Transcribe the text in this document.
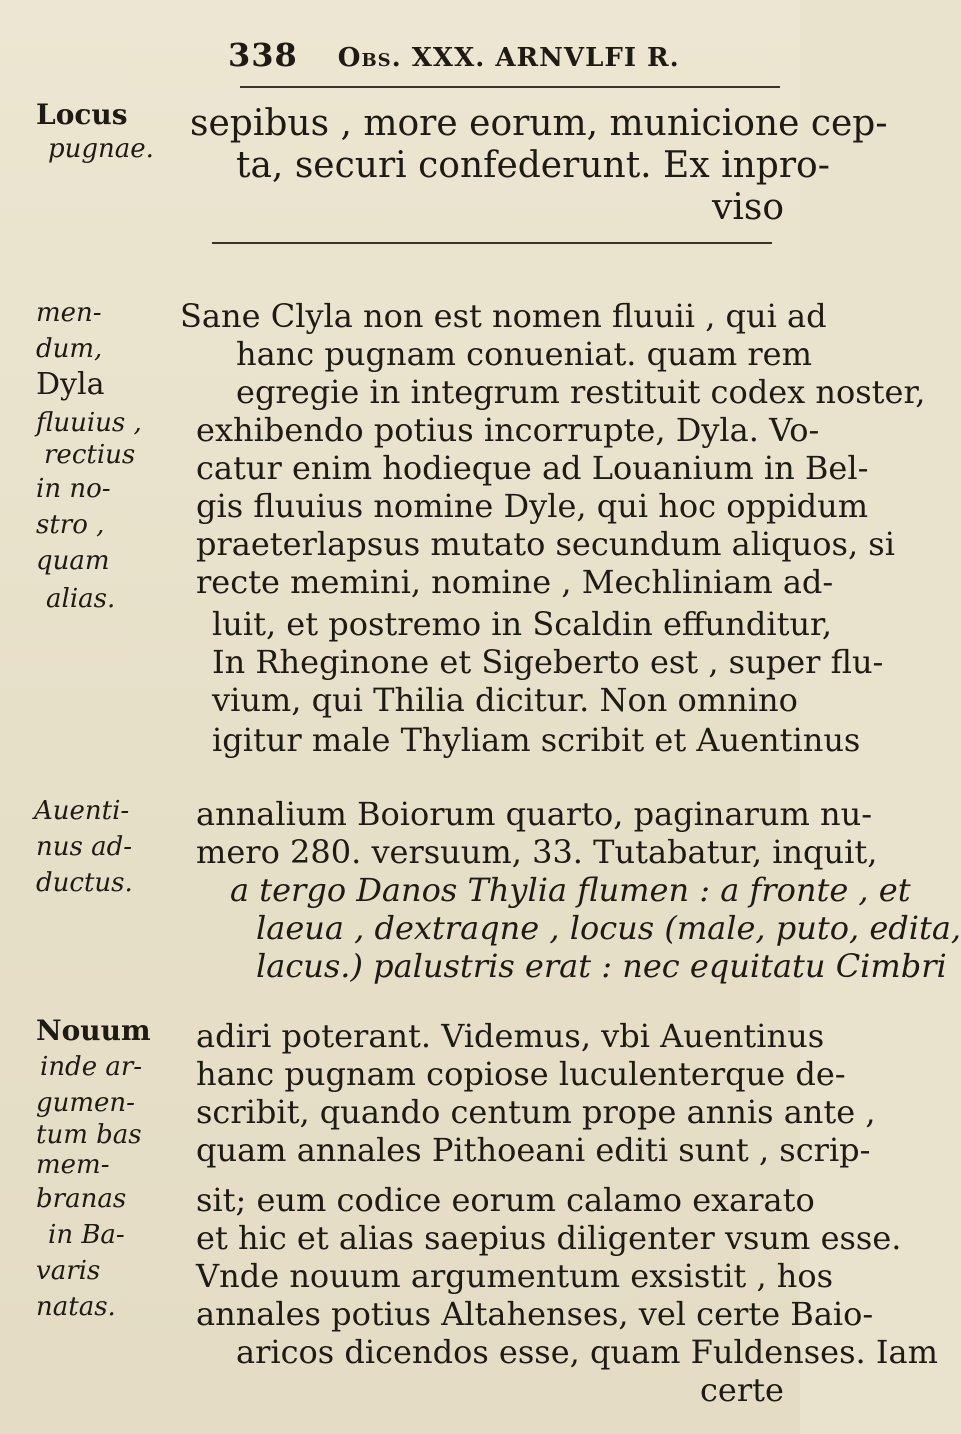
338 Obs. XXX. ARNVLFI R.
Locus
pugnae.
men-
dum,
Dyla
fluuius ,
rectius
in no-
stro ,
quam
alias.
Auenti-
nus ad-
ductus.
Nouum
inde ar-
gumen-
tum bas
mem-
branas
in Ba-
varis
natas.
sepibus , more eorum, municione cep-
ta, securi confederunt. Ex inpro-
viso
Sane Clyla non est nomen fluuii , qui ad
hanc pugnam conueniat. quam rem
egregie in integrum restituit codex noster,
exhibendo potius incorrupte, Dyla. Vo-
catur enim hodieque ad Louanium in Bel-
gis fluuius nomine Dyle, qui hoc oppidum
praeterlapsus mutato secundum aliquos, si
recte memini, nomine , Mechliniam ad-
luit, et postremo in Scaldin effunditur,
In Rheginone et Sigeberto est , super flu-
vium, qui Thilia dicitur. Non omnino
igitur male Thyliam scribit et Auentinus
annalium Boiorum quarto, paginarum nu-
mero 280. versuum, 33. Tutabatur, inquit,
a tergo Danos Thylia flumen : a fronte , et
laeua , dextraqne , locus (male, puto, edita,
lacus.) palustris erat : nec equitatu Cimbri
adiri poterant. Videmus, vbi Auentinus
hanc pugnam copiose luculenterque de-
scribit, quando centum prope annis ante ,
quam annales Pithoeani editi sunt , scrip-
sit; eum codice eorum calamo exarato
et hic et alias saepius diligenter vsum esse.
Vnde nouum argumentum exsistit , hos
annales potius Altahenses, vel certe Baio-
aricos dicendos esse, quam Fuldenses. Iam
certe
